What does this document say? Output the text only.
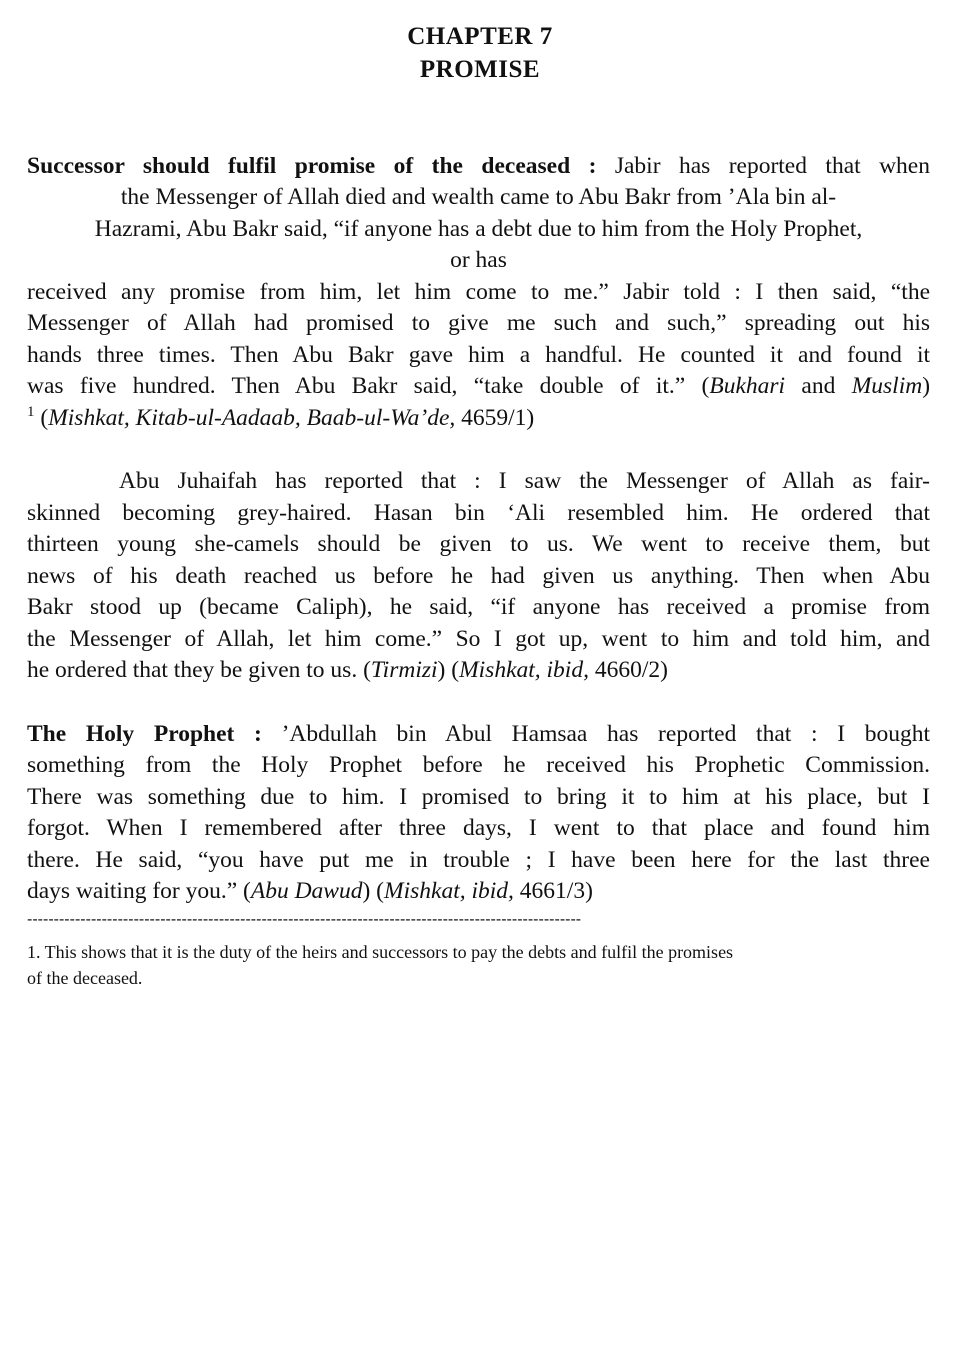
CHAPTER 7
PROMISE
Successor should fulfil promise of the deceased : Jabir has reported that when
the Messenger of Allah died and wealth came to Abu Bakr from ’Ala bin al-
Hazrami, Abu Bakr said, “if anyone has a debt due to him from the Holy Prophet,
or has
received any promise from him, let him come to me.” Jabir told : I then said, “the
Messenger of Allah had promised to give me such and such,” spreading out his
hands three times. Then Abu Bakr gave him a handful. He counted it and found it
was five hundred. Then Abu Bakr said, “take double of it.” (Bukhari and Muslim)
$^1$ (Mishkat, Kitab-ul-Aadaab, Baab-ul-Wa’de, 4659/1)
Abu Juhaifah has reported that : I saw the Messenger of Allah as fair-
skinned becoming grey-haired. Hasan bin ‘Ali resembled him. He ordered that
thirteen young she-camels should be given to us. We went to receive them, but
news of his death reached us before he had given us anything. Then when Abu
Bakr stood up (became Caliph), he said, “if anyone has received a promise from
the Messenger of Allah, let him come.” So I got up, went to him and told him, and
he ordered that they be given to us. (Tirmizi) (Mishkat, ibid, 4660/2)
The Holy Prophet : ’Abdullah bin Abul Hamsaa has reported that : I bought
something from the Holy Prophet before he received his Prophetic Commission.
There was something due to him. I promised to bring it to him at his place, but I
forgot. When I remembered after three days, I went to that place and found him
there. He said, “you have put me in trouble ; I have been here for the last three
days waiting for you.” (Abu Dawud) (Mishkat, ibid, 4661/3)
--------------------------------------------------------------------------------------------------------
1. This shows that it is the duty of the heirs and successors to pay the debts and fulfil the promises
of the deceased.
